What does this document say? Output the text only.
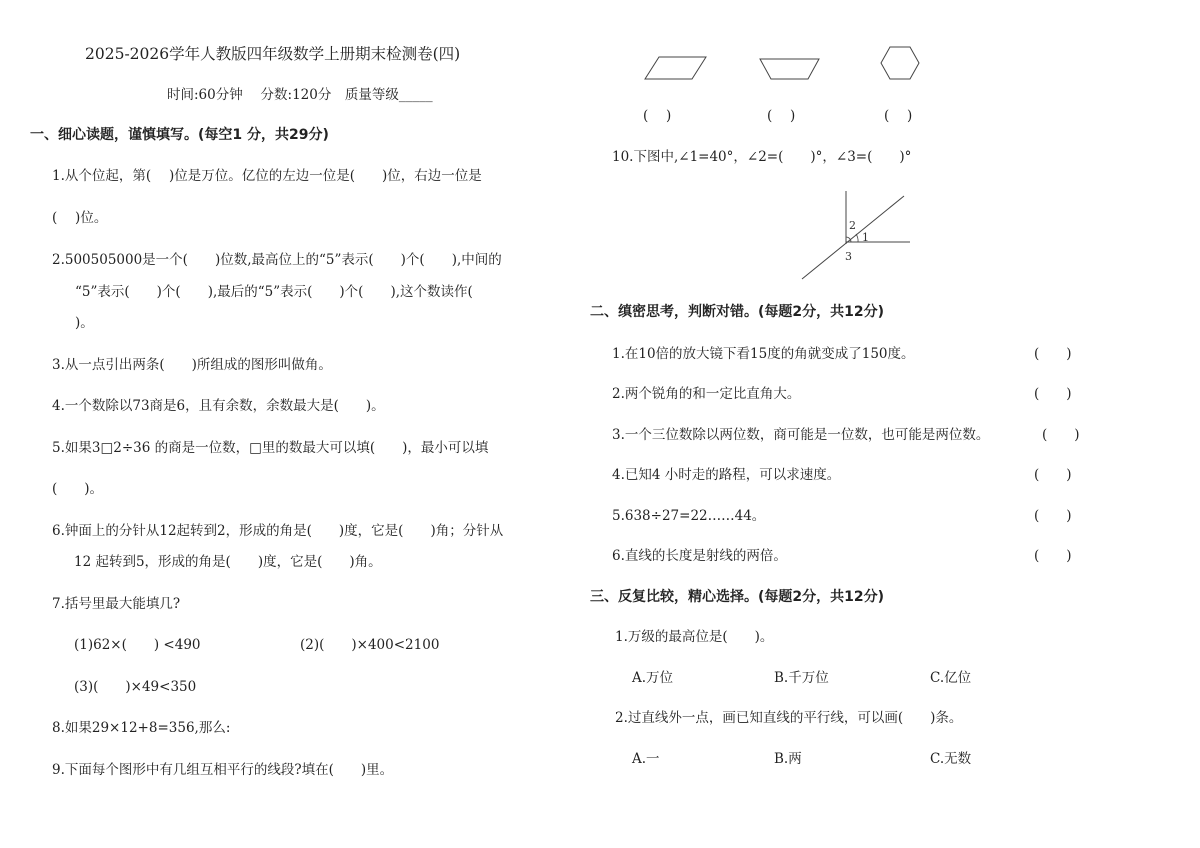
2025-2026学年人教版四年级数学上册期末检测卷(四)
时间:60分钟　 分数:120分　质量等级_____
一、细心读题，谨慎填写。(每空1 分，共29分)
1.从个位起，第(　 )位是万位。亿位的左边一位是(　　)位，右边一位是
(　 )位。
2.500505000是一个(　　)位数,最高位上的“5”表示(　　)个(　　),中间的
“5”表示(　　)个(　　),最后的“5”表示(　　)个(　　),这个数读作(
)。
3.从一点引出两条(　　)所组成的图形叫做角。
4.一个数除以73商是6，且有余数，余数最大是(　　)。
5.如果3□2÷36 的商是一位数，□里的数最大可以填(　　)，最小可以填
(　　)。
6.钟面上的分针从12起转到2，形成的角是(　　)度，它是(　　)角；分针从
12 起转到5，形成的角是(　　)度，它是(　　)角。
7.括号里最大能填几?
(1)62×(　　) <490	(2)(　　)×400<2100
(3)(　　)×49<350
8.如果29×12+8=356,那么:
9.下面每个图形中有几组互相平行的线段?填在(　　)里。
(　 )	(　 )	(　 )
10.下图中,∠1=40°，∠2=(　　)°，∠3=(　　)°
2
1
3
二、缜密思考，判断对错。(每题2分，共12分)
1.在10倍的放大镜下看15度的角就变成了150度。	(　　)
2.两个锐角的和一定比直角大。	(　　)
3.一个三位数除以两位数，商可能是一位数，也可能是两位数。	(　　)
4.已知4 小时走的路程，可以求速度。	(　　)
5.638÷27=22……44。	(　　)
6.直线的长度是射线的两倍。	(　　)
三、反复比较，精心选择。(每题2分，共12分)
1.万级的最高位是(　　)。
A.万位	B.千万位	C.亿位
2.过直线外一点，画已知直线的平行线，可以画(　　)条。
A.一	B.两	C.无数
